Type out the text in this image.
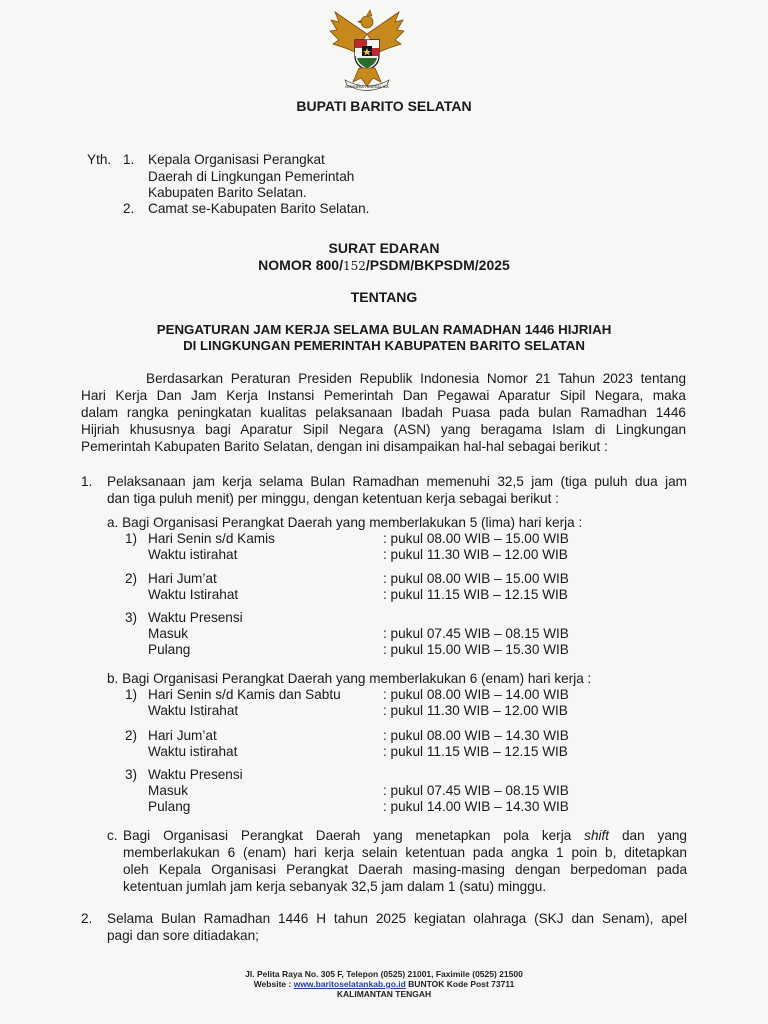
BHINNEKA TUNGGAL IKA
BUPATI BARITO SELATAN
Yth. 1. Kepala Organisasi Perangkat
Daerah di Lingkungan Pemerintah
Kabupaten Barito Selatan.
2. Camat se-Kabupaten Barito Selatan.
SURAT EDARAN
NOMOR 800/152/PSDM/BKPSDM/2025
TENTANG
PENGATURAN JAM KERJA SELAMA BULAN RAMADHAN 1446 HIJRIAH
DI LINGKUNGAN PEMERINTAH KABUPATEN BARITO SELATAN
Berdasarkan Peraturan Presiden Republik Indonesia Nomor 21 Tahun 2023 tentang
Hari Kerja Dan Jam Kerja Instansi Pemerintah Dan Pegawai Aparatur Sipil Negara, maka
dalam rangka peningkatan kualitas pelaksanaan Ibadah Puasa pada bulan Ramadhan 1446
Hijriah khususnya bagi Aparatur Sipil Negara (ASN) yang beragama Islam di Lingkungan
Pemerintah Kabupaten Barito Selatan, dengan ini disampaikan hal-hal sebagai berikut :
1. Pelaksanaan jam kerja selama Bulan Ramadhan memenuhi 32,5 jam (tiga puluh dua jam
dan tiga puluh menit) per minggu, dengan ketentuan kerja sebagai berikut :
a. Bagi Organisasi Perangkat Daerah yang memberlakukan 5 (lima) hari kerja :
1) Hari Senin s/d Kamis	: pukul 08.00 WIB – 15.00 WIB
Waktu istirahat	: pukul 11.30 WIB – 12.00 WIB
2) Hari Jum’at	: pukul 08.00 WIB – 15.00 WIB
Waktu Istirahat	: pukul 11.15 WIB – 12.15 WIB
3) Waktu Presensi
Masuk	: pukul 07.45 WIB – 08.15 WIB
Pulang	: pukul 15.00 WIB – 15.30 WIB
b. Bagi Organisasi Perangkat Daerah yang memberlakukan 6 (enam) hari kerja :
1) Hari Senin s/d Kamis dan Sabtu	: pukul 08.00 WIB – 14.00 WIB
Waktu Istirahat	: pukul 11.30 WIB – 12.00 WIB
2) Hari Jum’at	: pukul 08.00 WIB – 14.30 WIB
Waktu istirahat	: pukul 11.15 WIB – 12.15 WIB
3) Waktu Presensi
Masuk	: pukul 07.45 WIB – 08.15 WIB
Pulang	: pukul 14.00 WIB – 14.30 WIB
c. Bagi Organisasi Perangkat Daerah yang menetapkan pola kerja shift dan yang
memberlakukan 6 (enam) hari kerja selain ketentuan pada angka 1 poin b, ditetapkan
oleh Kepala Organisasi Perangkat Daerah masing-masing dengan berpedoman pada
ketentuan jumlah jam kerja sebanyak 32,5 jam dalam 1 (satu) minggu.
2. Selama Bulan Ramadhan 1446 H tahun 2025 kegiatan olahraga (SKJ dan Senam), apel
pagi dan sore ditiadakan;
Jl. Pelita Raya No. 305 F, Telepon (0525) 21001, Faximile (0525) 21500
Website : www.baritoselatankab.go.id BUNTOK Kode Post 73711
KALIMANTAN TENGAH
